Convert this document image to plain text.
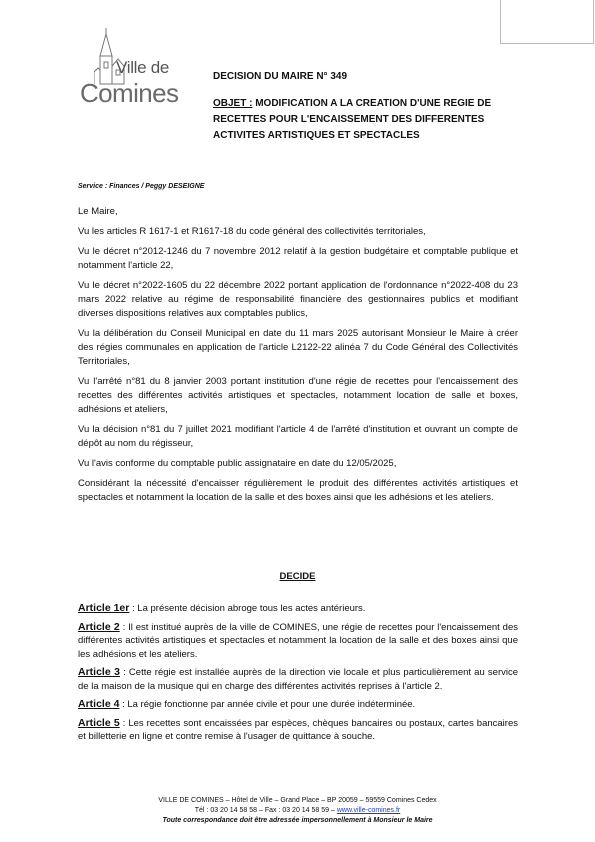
Ville de
Comines
DECISION DU MAIRE N° 349
OBJET : MODIFICATION A LA CREATION D'UNE REGIE DE RECETTES POUR L'ENCAISSEMENT DES DIFFERENTES ACTIVITES ARTISTIQUES ET SPECTACLES
Service : Finances / Peggy DESEIGNE

Le Maire,

Vu les articles R 1617-1 et R1617-18 du code général des collectivités territoriales,

Vu le décret n°2012-1246 du 7 novembre 2012 relatif à la gestion budgétaire et comptable publique et notamment l'article 22,

Vu le décret n°2022-1605 du 22 décembre 2022 portant application de l'ordonnance n°2022-408 du 23 mars 2022 relative au régime de responsabilité financière des gestionnaires publics et modifiant diverses dispositions relatives aux comptables publics,

Vu la délibération du Conseil Municipal en date du 11 mars 2025 autorisant Monsieur le Maire à créer des régies communales en application de l'article L2122-22 alinéa 7 du Code Général des Collectivités Territoriales,

Vu l'arrêté n°81 du 8 janvier 2003 portant institution d'une régie de recettes pour l'encaissement des recettes des différentes activités artistiques et spectacles, notamment location de salle et boxes, adhésions et ateliers,

Vu la décision n°81 du 7 juillet 2021 modifiant l'article 4 de l'arrêté d'institution et ouvrant un compte de dépôt au nom du régisseur,

Vu l'avis conforme du comptable public assignataire en date du 12/05/2025,

Considérant la nécessité d'encaisser régulièrement le produit des différentes activités artistiques et spectacles et notamment la location de la salle et des boxes ainsi que les adhésions et les ateliers.

DECIDE

Article 1er : La présente décision abroge tous les actes antérieurs.

Article 2 : Il est institué auprès de la ville de COMINES, une régie de recettes pour l'encaissement des différentes activités artistiques et spectacles et notamment la location de la salle et des boxes ainsi que les adhésions et les ateliers.

Article 3 : Cette régie est installée auprès de la direction vie locale et plus particulièrement au service de la maison de la musique qui en charge des différentes activités reprises à l'article 2.

Article 4 : La régie fonctionne par année civile et pour une durée indéterminée.

Article 5 : Les recettes sont encaissées par espèces, chèques bancaires ou postaux, cartes bancaires et billetterie en ligne et contre remise à l'usager de quittance à souche.

VILLE DE COMINES – Hôtel de Ville – Grand Place – BP 20059 – 59559 Comines Cedex
Tél : 03 20 14 58 58 – Fax : 03 20 14 58 59 – www.ville-comines.fr
Toute correspondance doit être adressée impersonnellement à Monsieur le Maire
